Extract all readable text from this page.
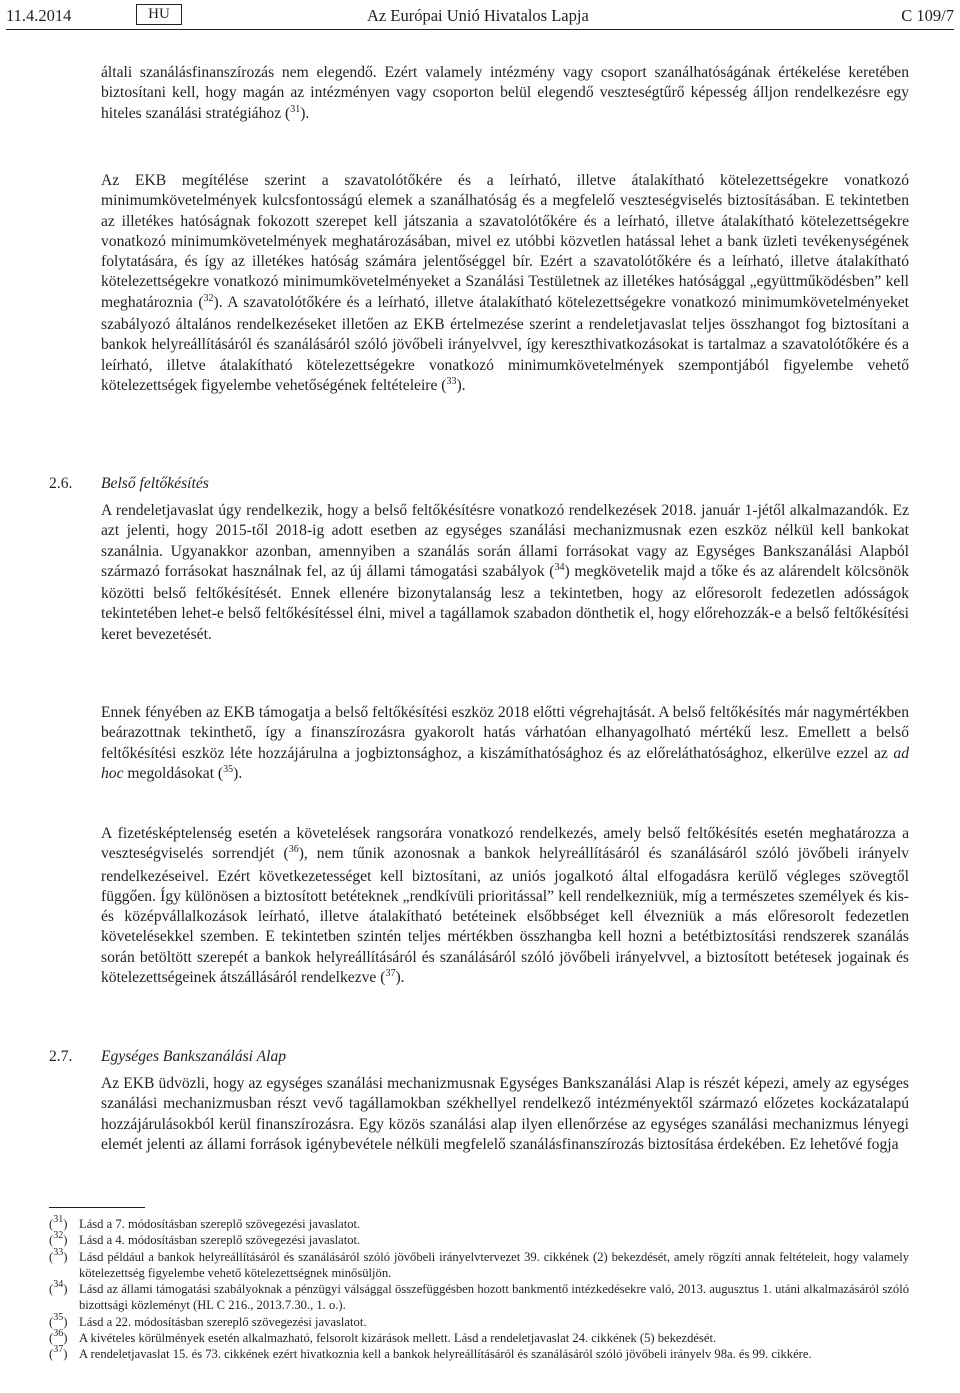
11.4.2014	HU	Az Európai Unió Hivatalos Lapja	C 109/7

általi szanálásfinanszírozás nem elegendő. Ezért valamely intézmény vagy csoport szanálhatóságának értékelése keretében biztosítani kell, hogy magán az intézményen vagy csoporton belül elegendő veszteségtűrő képesség álljon rendelkezésre egy hiteles szanálási stratégiához ($^{31}$).

Az EKB megítélése szerint a szavatolótőkére és a leírható, illetve átalakítható kötelezettségekre vonatkozó minimumkövetelmények kulcsfontosságú elemek a szanálhatóság és a megfelelő veszteségviselés biztosításában. E tekintetben az illetékes hatóságnak fokozott szerepet kell játszania a szavatolótőkére és a leírható, illetve átalakítható kötelezettségekre vonatkozó minimumkövetelmények meghatározásában, mivel ez utóbbi közvetlen hatással lehet a bank üzleti tevékenységének folytatására, és így az illetékes hatóság számára jelentőséggel bír. Ezért a szavatolótőkére és a leírható, illetve átalakítható kötelezettségekre vonatkozó minimumkövetelményeket a Szanálási Testületnek az illetékes hatósággal „együttműködésben” kell meghatároznia ($^{32}$). A szavatolótőkére és a leírható, illetve átalakítható kötelezettségekre vonatkozó minimumkövetelményeket szabályozó általános rendelkezéseket illetően az EKB értelmezése szerint a rendeletjavaslat teljes összhangot fog biztosítani a bankok helyreállításáról és szanálásáról szóló jövőbeli irányelvvel, így kereszthivatkozásokat is tartalmaz a szavatolótőkére és a leírható, illetve átalakítható kötelezettségekre vonatkozó minimumkövetelmények szempontjából figyelembe vehető kötelezettségek figyelembe vehetőségének feltételeire ($^{33}$).

2.6. Belső feltőkésítés

A rendeletjavaslat úgy rendelkezik, hogy a belső feltőkésítésre vonatkozó rendelkezések 2018. január 1-jétől alkalmazandók. Ez azt jelenti, hogy 2015-től 2018-ig adott esetben az egységes szanálási mechanizmusnak ezen eszköz nélkül kell bankokat szanálnia. Ugyanakkor azonban, amennyiben a szanálás során állami forrásokat vagy az Egységes Bankszanálási Alapból származó forrásokat használnak fel, az új állami támogatási szabályok ($^{34}$) megkövetelik majd a tőke és az alárendelt kölcsönök közötti belső feltőkésítését. Ennek ellenére bizonytalanság lesz a tekintetben, hogy az előresorolt fedezetlen adósságok tekintetében lehet-e belső feltőkésítéssel élni, mivel a tagállamok szabadon dönthetik el, hogy előrehozzák-e a belső feltőkésítési keret bevezetését.

Ennek fényében az EKB támogatja a belső feltőkésítési eszköz 2018 előtti végrehajtását. A belső feltőkésítés már nagymértékben beárazottnak tekinthető, így a finanszírozásra gyakorolt hatás várhatóan elhanyagolható mértékű lesz. Emellett a belső feltőkésítési eszköz léte hozzájárulna a jogbiztonsághoz, a kiszámíthatósághoz és az előreláthatósághoz, elkerülve ezzel az ad hoc megoldásokat ($^{35}$).

A fizetésképtelenség esetén a követelések rangsorára vonatkozó rendelkezés, amely belső feltőkésítés esetén meghatározza a veszteségviselés sorrendjét ($^{36}$), nem tűnik azonosnak a bankok helyreállításáról és szanálásáról szóló jövőbeli irányelv rendelkezéseivel. Ezért következetességet kell biztosítani, az uniós jogalkotó által elfogadásra kerülő végleges szövegtől függően. Így különösen a biztosított betéteknek „rendkívüli prioritással” kell rendelkezniük, míg a természetes személyek és kis- és középvállalkozások leírható, illetve átalakítható betéteinek elsőbbséget kell élvezniük a más előresorolt fedezetlen követelésekkel szemben. E tekintetben szintén teljes mértékben összhangba kell hozni a betétbiztosítási rendszerek szanálás során betöltött szerepét a bankok helyreállításáról és szanálásáról szóló jövőbeli irányelvvel, a biztosított betétesek jogainak és kötelezettségeinek átszállásáról rendelkezve ($^{37}$).

2.7. Egységes Bankszanálási Alap

Az EKB üdvözli, hogy az egységes szanálási mechanizmusnak Egységes Bankszanálási Alap is részét képezi, amely az egységes szanálási mechanizmusban részt vevő tagállamokban székhellyel rendelkező intézményektől származó előzetes kockázatalapú hozzájárulásokból kerül finanszírozásra. Egy közös szanálási alap ilyen ellenőrzése az egységes szanálási mechanizmus lényegi elemét jelenti az állami források igénybevétele nélküli megfelelő szanálásfinanszírozás biztosítása érdekében. Ez lehetővé fogja

($^{31}$) Lásd a 7. módosításban szereplő szövegezési javaslatot.
($^{32}$) Lásd a 4. módosításban szereplő szövegezési javaslatot.
($^{33}$) Lásd például a bankok helyreállításáról és szanálásáról szóló jövőbeli irányelvtervezet 39. cikkének (2) bekezdését, amely rögzíti annak feltételeit, hogy valamely kötelezettség figyelembe vehető kötelezettségnek minősüljön.
($^{34}$) Lásd az állami támogatási szabályoknak a pénzügyi válsággal összefüggésben hozott bankmentő intézkedésekre való, 2013. augusztus 1. utáni alkalmazásáról szóló bizottsági közleményt (HL C 216., 2013.7.30., 1. o.).
($^{35}$) Lásd a 22. módosításban szereplő szövegezési javaslatot.
($^{36}$) A kivételes körülmények esetén alkalmazható, felsorolt kizárások mellett. Lásd a rendeletjavaslat 24. cikkének (5) bekezdését.
($^{37}$) A rendeletjavaslat 15. és 73. cikkének ezért hivatkoznia kell a bankok helyreállításáról és szanálásáról szóló jövőbeli irányelv 98a. és 99. cikkére.
